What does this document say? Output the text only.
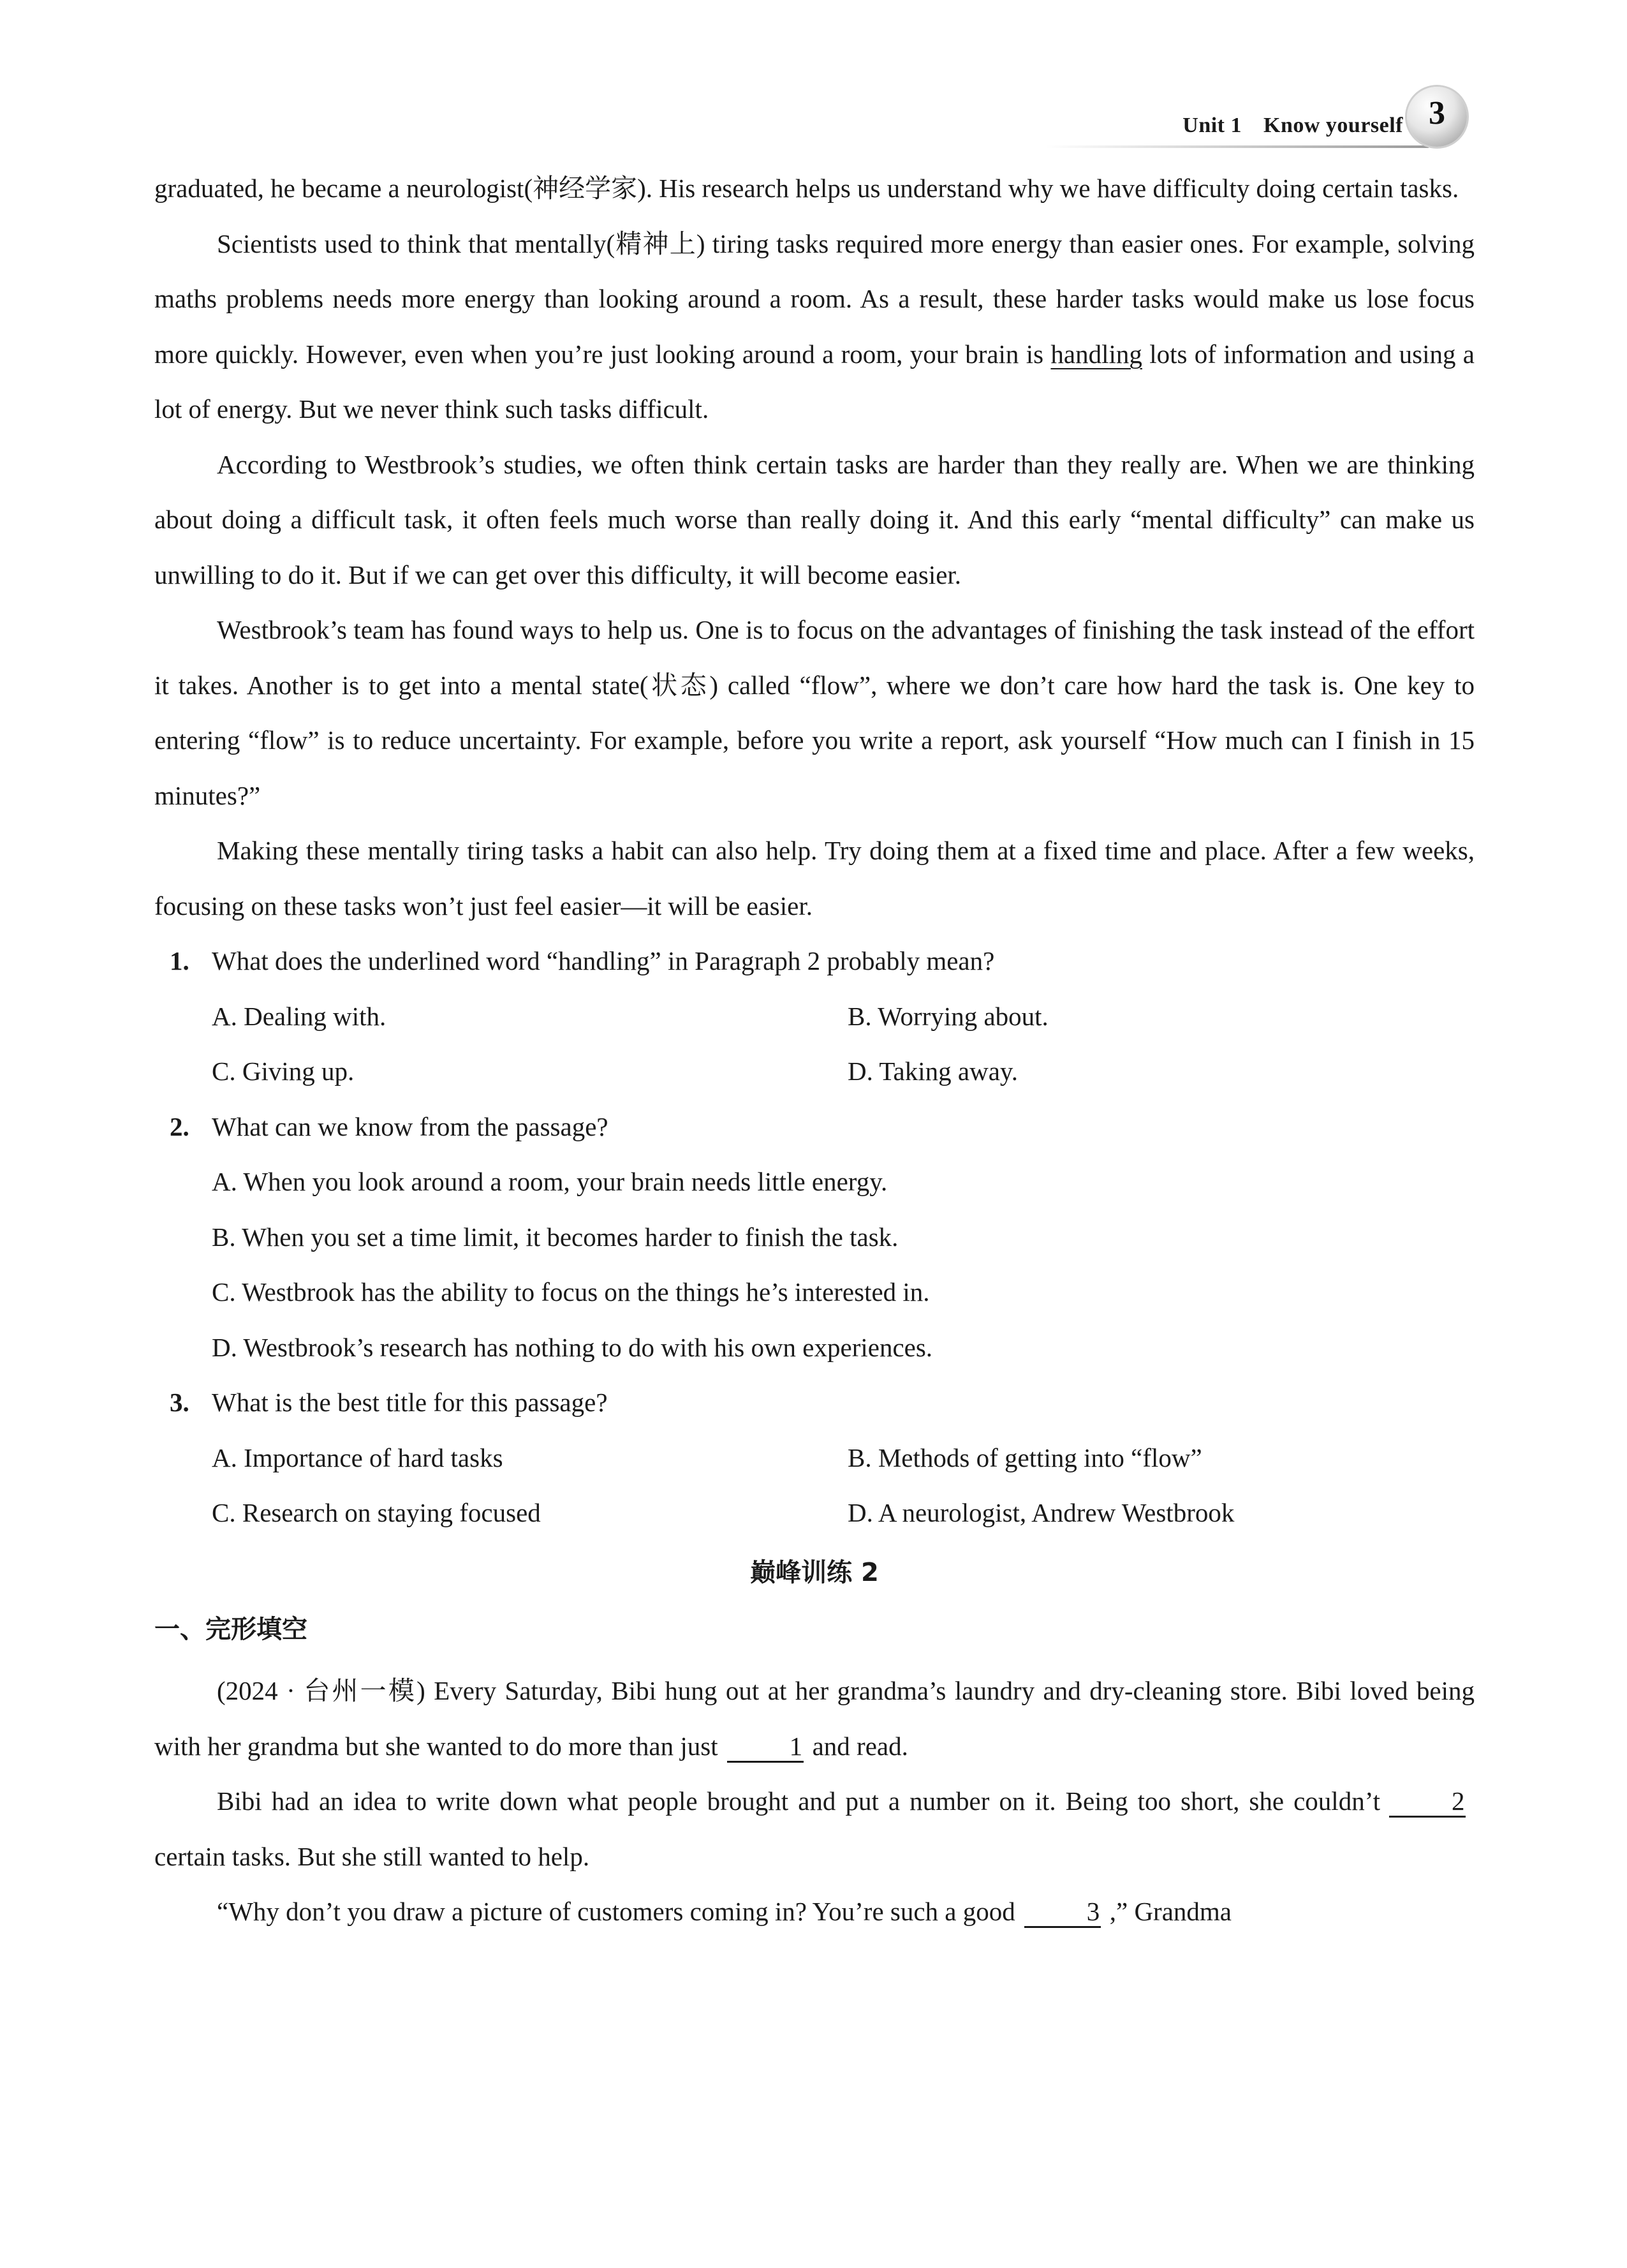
Unit 1 Know yourself 3

graduated, he became a neurologist(神经学家). His research helps us understand why we have difficulty doing certain tasks.

Scientists used to think that mentally(精神上) tiring tasks required more energy than easier ones. For example, solving maths problems needs more energy than looking around a room. As a result, these harder tasks would make us lose focus more quickly. However, even when you’re just looking around a room, your brain is handling lots of information and using a lot of energy. But we never think such tasks difficult.

According to Westbrook’s studies, we often think certain tasks are harder than they really are. When we are thinking about doing a difficult task, it often feels much worse than really doing it. And this early “mental difficulty” can make us unwilling to do it. But if we can get over this difficulty, it will become easier.

Westbrook’s team has found ways to help us. One is to focus on the advantages of finishing the task instead of the effort it takes. Another is to get into a mental state(状态) called “flow”, where we don’t care how hard the task is. One key to entering “flow” is to reduce uncertainty. For example, before you write a report, ask yourself “How much can I finish in 15 minutes?”

Making these mentally tiring tasks a habit can also help. Try doing them at a fixed time and place. After a few weeks, focusing on these tasks won’t just feel easier—it will be easier.

1. What does the underlined word “handling” in Paragraph 2 probably mean?

A. Dealing with.	B. Worrying about.
C. Giving up.	D. Taking away.

2. What can we know from the passage?

A. When you look around a room, your brain needs little energy.

B. When you set a time limit, it becomes harder to finish the task.

C. Westbrook has the ability to focus on the things he’s interested in.

D. Westbrook’s research has nothing to do with his own experiences.

3. What is the best title for this passage?

A. Importance of hard tasks	B. Methods of getting into “flow”
C. Research on staying focused	D. A neurologist, Andrew Westbrook

巅峰训练 2

一、完形填空

(2024 · 台州一模) Every Saturday, Bibi hung out at her grandma’s laundry and dry-cleaning store. Bibi loved being with her grandma but she wanted to do more than just	1 and read.

Bibi had an idea to write down what people brought and put a number on it. Being too short, she couldn’t	2certain tasks. But she still wanted to help.

“Why don’t you draw a picture of customers coming in? You’re such a good	3 ,” Grandma
